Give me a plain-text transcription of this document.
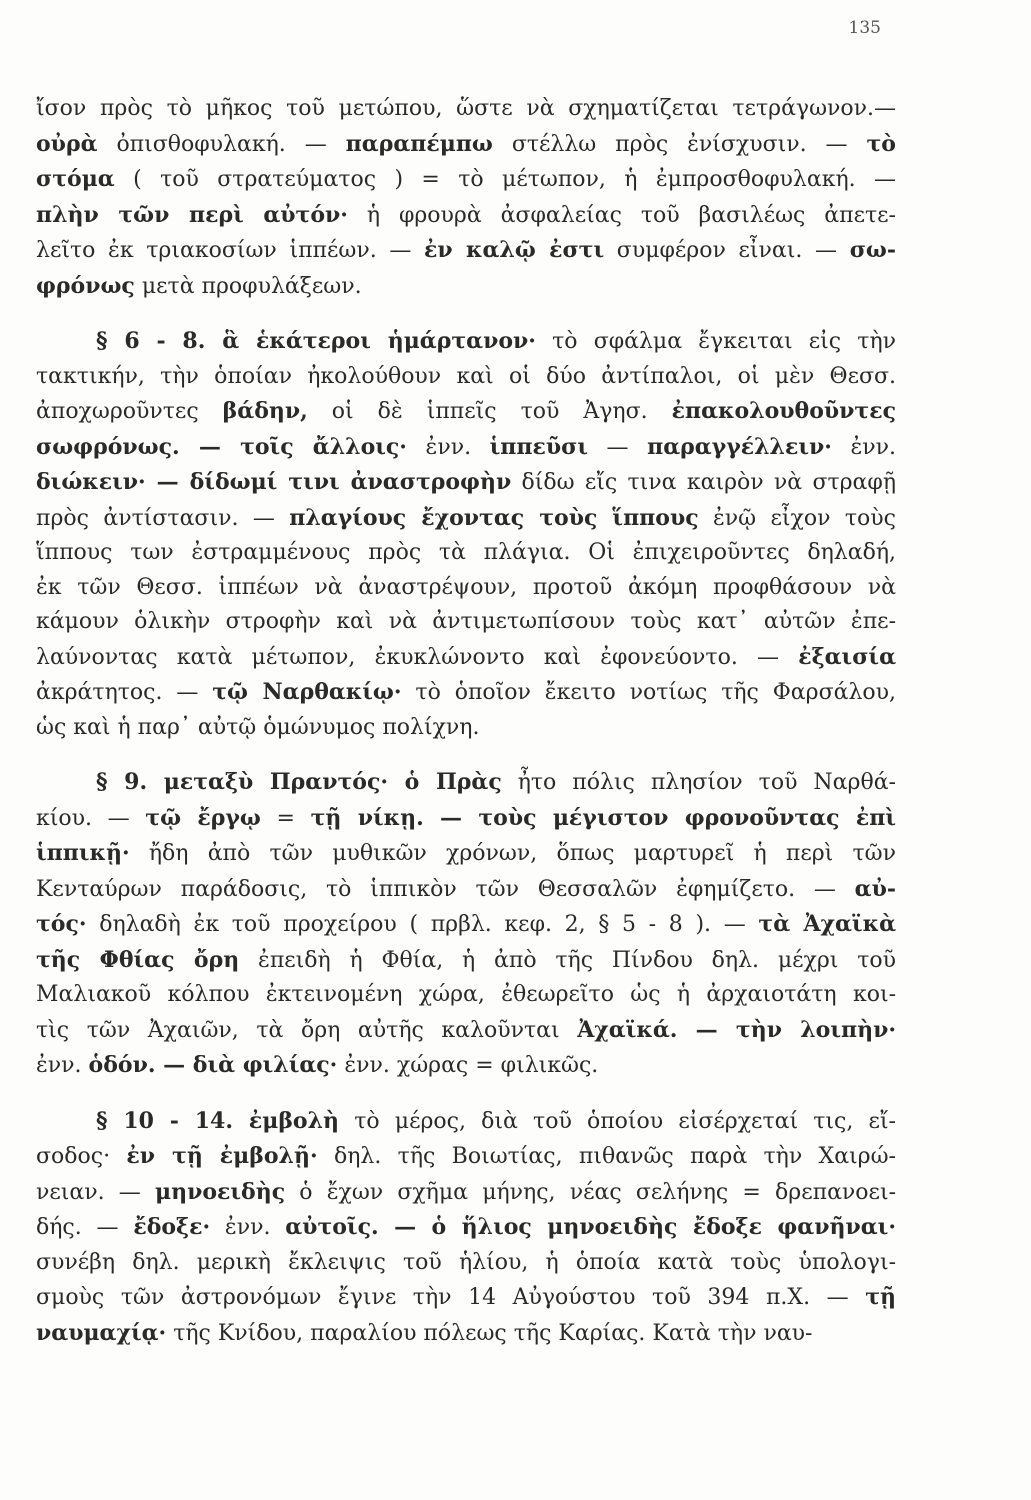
135
ἴσον πρὸς τὸ μῆκος τοῦ μετώπου, ὥστε νὰ σχηματίζεται τετράγωνον.—
οὐρὰ ὀπισθοφυλακή. — παραπέμπω στέλλω πρὸς ἐνίσχυσιν. — τὸ
στόμα ( τοῦ στρατεύματος ) = τὸ μέτωπον, ἡ ἐμπροσθοφυλακή. —
πλὴν τῶν περὶ αὐτόν· ἡ φρουρὰ ἀσφαλείας τοῦ βασιλέως ἀπετε-
λεῖτο ἐκ τριακοσίων ἱππέων. — ἐν καλῷ ἐστι συμφέρον εἶναι. — σω-
φρόνως μετὰ προφυλάξεων.
§ 6 - 8. ἃ ἑκάτεροι ἡμάρτανον· τὸ σφάλμα ἔγκειται εἰς τὴν
τακτικήν, τὴν ὁποίαν ἠκολούθουν καὶ οἱ δύο ἀντίπαλοι, οἱ μὲν Θεσσ.
ἀποχωροῦντες βάδην, οἱ δὲ ἱππεῖς τοῦ Ἀγησ. ἐπακολουθοῦντες
σωφρόνως. — τοῖς ἄλλοις· ἐνν. ἱππεῦσι — παραγγέλλειν· ἐνν.
διώκειν· — δίδωμί τινι ἀναστροφὴν δίδω εἴς τινα καιρὸν νὰ στραφῇ
πρὸς ἀντίστασιν. — πλαγίους ἔχοντας τοὺς ἵππους ἐνῷ εἶχον τοὺς
ἵππους των ἐστραμμένους πρὸς τὰ πλάγια. Οἱ ἐπιχειροῦντες δηλαδή,
ἐκ τῶν Θεσσ. ἱππέων νὰ ἀναστρέψουν, προτοῦ ἀκόμη προφθάσουν νὰ
κάμουν ὁλικὴν στροφὴν καὶ νὰ ἀντιμετωπίσουν τοὺς κατ᾽ αὐτῶν ἐπε-
λαύνοντας κατὰ μέτωπον, ἐκυκλώνοντο καὶ ἐφονεύοντο. — ἐξαισία
ἀκράτητος. — τῷ Ναρθακίῳ· τὸ ὁποῖον ἔκειτο νοτίως τῆς Φαρσάλου,
ὡς καὶ ἡ παρ᾽ αὐτῷ ὁμώνυμος πολίχνη.
§ 9. μεταξὺ Πραντός· ὁ Πρὰς ἦτο πόλις πλησίον τοῦ Ναρθά-
κίου. — τῷ ἔργῳ = τῇ νίκῃ. — τοὺς μέγιστον φρονοῦντας ἐπὶ
ἱππικῇ· ἤδη ἀπὸ τῶν μυθικῶν χρόνων, ὅπως μαρτυρεῖ ἡ περὶ τῶν
Κενταύρων παράδοσις, τὸ ἱππικὸν τῶν Θεσσαλῶν ἐφημίζετο. — αὐ-
τός· δηλαδὴ ἐκ τοῦ προχείρου ( πρβλ. κεφ. 2, § 5 - 8 ). — τὰ Ἀχαϊκὰ
τῆς Φθίας ὄρη ἐπειδὴ ἡ Φθία, ἡ ἀπὸ τῆς Πίνδου δηλ. μέχρι τοῦ
Μαλιακοῦ κόλπου ἐκτεινομένη χώρα, ἐθεωρεῖτο ὡς ἡ ἀρχαιοτάτη κοι-
τὶς τῶν Ἀχαιῶν, τὰ ὄρη αὐτῆς καλοῦνται Ἀχαϊκά. — τὴν λοιπὴν·
ἐνν. ὁδόν. — διὰ φιλίας· ἐνν. χώρας = φιλικῶς.
§ 10 - 14. ἐμβολὴ τὸ μέρος, διὰ τοῦ ὁποίου εἰσέρχεταί τις, εἴ-
σοδος· ἐν τῇ ἐμβολῇ· δηλ. τῆς Βοιωτίας, πιθανῶς παρὰ τὴν Χαιρώ-
νειαν. — μηνοειδὴς ὁ ἔχων σχῆμα μήνης, νέας σελήνης = δρεπανοει-
δής. — ἔδοξε· ἐνν. αὐτοῖς. — ὁ ἥλιος μηνοειδὴς ἔδοξε φανῆναι·
συνέβη δηλ. μερικὴ ἔκλειψις τοῦ ἡλίου, ἡ ὁποία κατὰ τοὺς ὑπολογι-
σμοὺς τῶν ἀστρονόμων ἔγινε τὴν 14 Αὐγούστου τοῦ 394 π.Χ. — τῇ
ναυμαχίᾳ· τῆς Κνίδου, παραλίου πόλεως τῆς Καρίας. Κατὰ τὴν ναυ-
